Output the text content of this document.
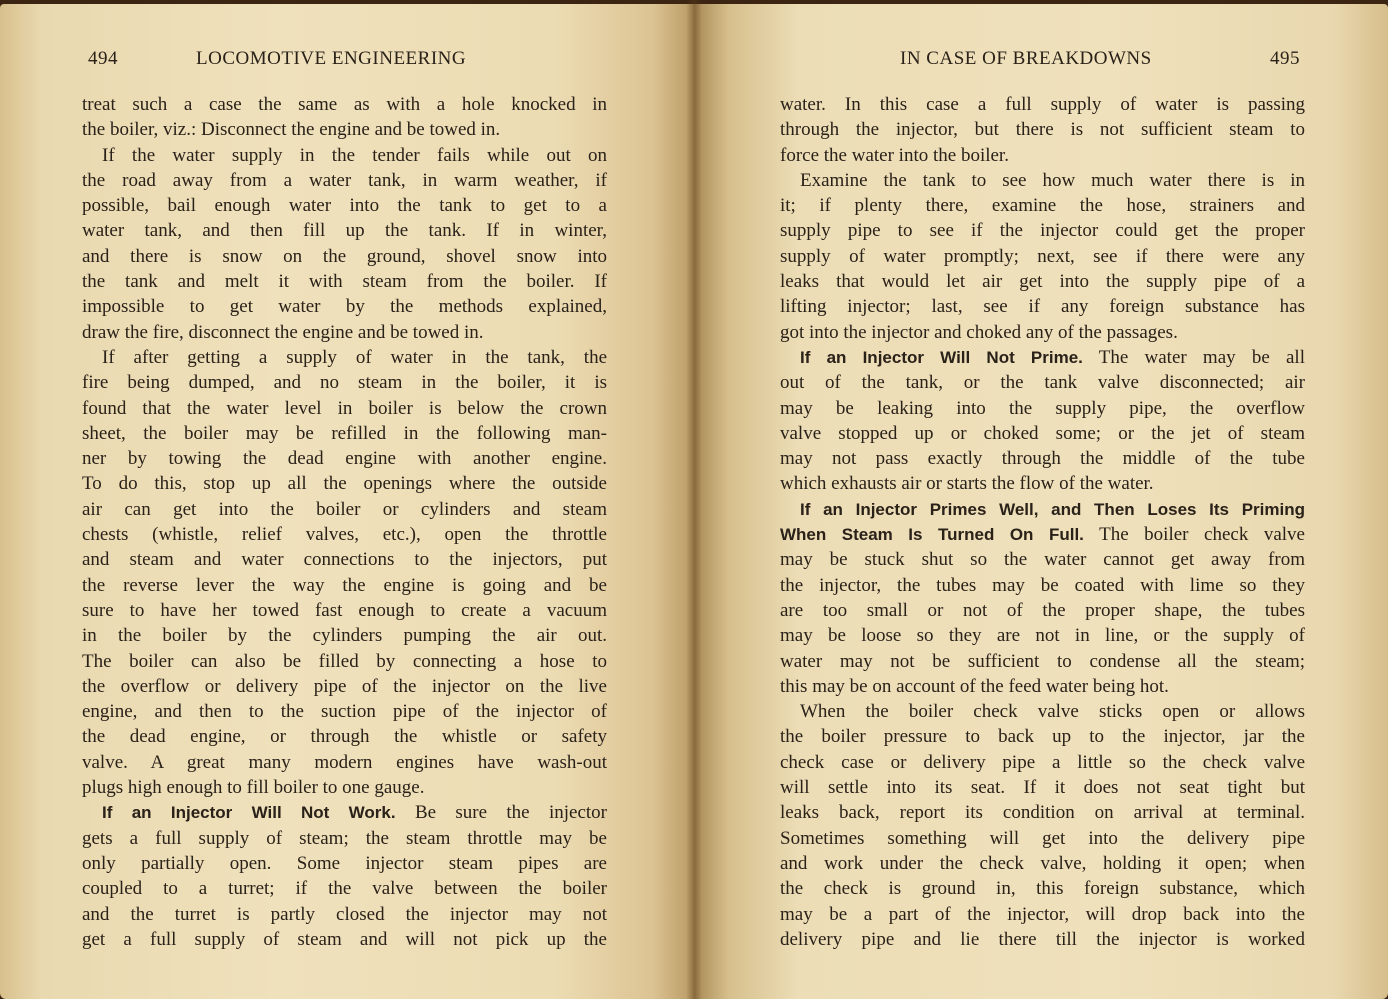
494	LOCOMOTIVE ENGINEERING
treat such a case the same as with a hole knocked in
the boiler, viz.: Disconnect the engine and be towed in.
If the water supply in the tender fails while out on
the road away from a water tank, in warm weather, if
possible, bail enough water into the tank to get to a
water tank, and then fill up the tank. If in winter,
and there is snow on the ground, shovel snow into
the tank and melt it with steam from the boiler. If
impossible to get water by the methods explained,
draw the fire, disconnect the engine and be towed in.
If after getting a supply of water in the tank, the
fire being dumped, and no steam in the boiler, it is
found that the water level in boiler is below the crown
sheet, the boiler may be refilled in the following man-
ner by towing the dead engine with another engine.
To do this, stop up all the openings where the outside
air can get into the boiler or cylinders and steam
chests (whistle, relief valves, etc.), open the throttle
and steam and water connections to the injectors, put
the reverse lever the way the engine is going and be
sure to have her towed fast enough to create a vacuum
in the boiler by the cylinders pumping the air out.
The boiler can also be filled by connecting a hose to
the overflow or delivery pipe of the injector on the live
engine, and then to the suction pipe of the injector of
the dead engine, or through the whistle or safety
valve. A great many modern engines have wash-out
plugs high enough to fill boiler to one gauge.
If an Injector Will Not Work. Be sure the injector
gets a full supply of steam; the steam throttle may be
only partially open. Some injector steam pipes are
coupled to a turret; if the valve between the boiler
and the turret is partly closed the injector may not
get a full supply of steam and will not pick up the
IN CASE OF BREAKDOWNS	495
water. In this case a full supply of water is passing
through the injector, but there is not sufficient steam to
force the water into the boiler.
Examine the tank to see how much water there is in
it; if plenty there, examine the hose, strainers and
supply pipe to see if the injector could get the proper
supply of water promptly; next, see if there were any
leaks that would let air get into the supply pipe of a
lifting injector; last, see if any foreign substance has
got into the injector and choked any of the passages.
If an Injector Will Not Prime. The water may be all
out of the tank, or the tank valve disconnected; air
may be leaking into the supply pipe, the overflow
valve stopped up or choked some; or the jet of steam
may not pass exactly through the middle of the tube
which exhausts air or starts the flow of the water.
If an Injector Primes Well, and Then Loses Its Priming
When Steam Is Turned On Full. The boiler check valve
may be stuck shut so the water cannot get away from
the injector, the tubes may be coated with lime so they
are too small or not of the proper shape, the tubes
may be loose so they are not in line, or the supply of
water may not be sufficient to condense all the steam;
this may be on account of the feed water being hot.
When the boiler check valve sticks open or allows
the boiler pressure to back up to the injector, jar the
check case or delivery pipe a little so the check valve
will settle into its seat. If it does not seat tight but
leaks back, report its condition on arrival at terminal.
Sometimes something will get into the delivery pipe
and work under the check valve, holding it open; when
the check is ground in, this foreign substance, which
may be a part of the injector, will drop back into the
delivery pipe and lie there till the injector is worked
